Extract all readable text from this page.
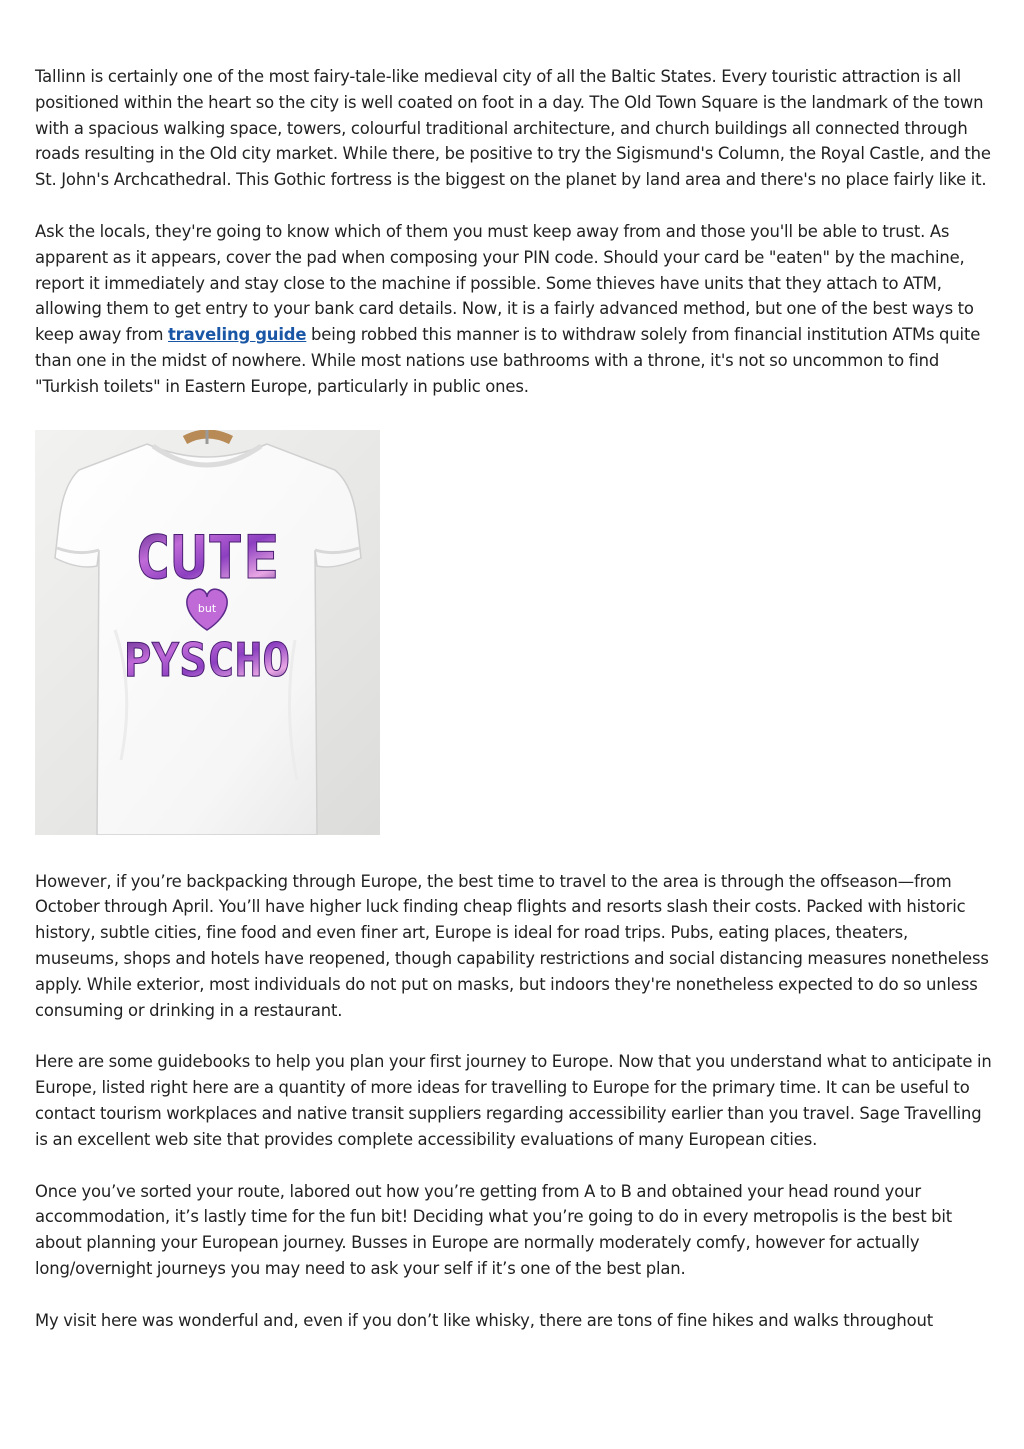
Tallinn is certainly one of the most fairy-tale-like medieval city of all the Baltic States. Every touristic attraction is all positioned within the heart so the city is well coated on foot in a day. The Old Town Square is the landmark of the town with a spacious walking space, towers, colourful traditional architecture, and church buildings all connected through roads resulting in the Old city market. While there, be positive to try the Sigismund's Column, the Royal Castle, and the St. John's Archcathedral. This Gothic fortress is the biggest on the planet by land area and there's no place fairly like it.

Ask the locals, they're going to know which of them you must keep away from and those you'll be able to trust. As apparent as it appears, cover the pad when composing your PIN code. Should your card be "eaten" by the machine, report it immediately and stay close to the machine if possible. Some thieves have units that they attach to ATM, allowing them to get entry to your bank card details. Now, it is a fairly advanced method, but one of the best ways to keep away from traveling guide being robbed this manner is to withdraw solely from financial institution ATMs quite than one in the midst of nowhere. While most nations use bathrooms with a throne, it's not so uncommon to find "Turkish toilets" in Eastern Europe, particularly in public ones.

CUTE
but
PYSCHO

However, if you’re backpacking through Europe, the best time to travel to the area is through the offseason—from October through April. You’ll have higher luck finding cheap flights and resorts slash their costs. Packed with historic history, subtle cities, fine food and even finer art, Europe is ideal for road trips. Pubs, eating places, theaters, museums, shops and hotels have reopened, though capability restrictions and social distancing measures nonetheless apply. While exterior, most individuals do not put on masks, but indoors they're nonetheless expected to do so unless consuming or drinking in a restaurant.

Here are some guidebooks to help you plan your first journey to Europe. Now that you understand what to anticipate in Europe, listed right here are a quantity of more ideas for travelling to Europe for the primary time. It can be useful to contact tourism workplaces and native transit suppliers regarding accessibility earlier than you travel. Sage Travelling is an excellent web site that provides complete accessibility evaluations of many European cities.

Once you’ve sorted your route, labored out how you’re getting from A to B and obtained your head round your accommodation, it’s lastly time for the fun bit! Deciding what you’re going to do in every metropolis is the best bit about planning your European journey. Busses in Europe are normally moderately comfy, however for actually long/overnight journeys you may need to ask your self if it’s one of the best plan.

My visit here was wonderful and, even if you don’t like whisky, there are tons of fine hikes and walks throughout
